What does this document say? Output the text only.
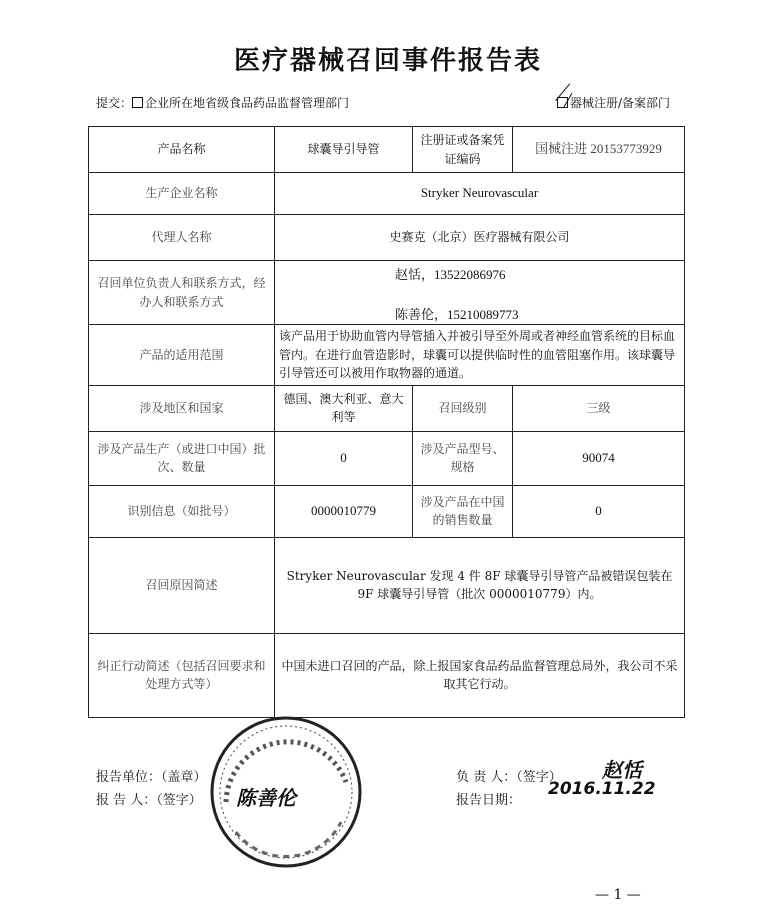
医疗器械召回事件报告表
提交： 企业所在地省级食品药品监督管理部门	器械注册/备案部门
产品名称	球囊导引导管	注册证或备案凭证编码	国械注进 20153773929
生产企业名称	Stryker Neurovascular		
代理人名称	史赛克（北京）医疗器械有限公司		
召回单位负责人和联系方式，经办人和联系方式	赵恬，13522086976
陈善伦，15210089773		

产品的适用范围	该产品用于协助血管内导管插入并被引导至外周或者神经血管系统的目标血管内。在进行血管造影时，球囊可以提供临时性的血管阻塞作用。该球囊导引导管还可以被用作取物器的通道。		
涉及地区和国家	德国、澳大利亚、意大利等	召回级别	三级
涉及产品生产（或进口中国）批次、数量	0	涉及产品型号、规格	90074
识别信息（如批号）	0000010779	涉及产品在中国的销售数量	0
召回原因简述	Stryker Neurovascular 发现 4 件 8F 球囊导引导管产品被错误包装在 9F 球囊导引导管（批次 0000010779）内。		
纠正行动简述（包括召回要求和处理方式等）	中国未进口召回的产品，除上报国家食品药品监督管理总局外，我公司不采取其它行动。		
报告单位：（盖章）
报 告 人：（签字）
负 责 人：（签字）
报告日期：
陈善伦
赵恬
2016.11.22
— 1 —
